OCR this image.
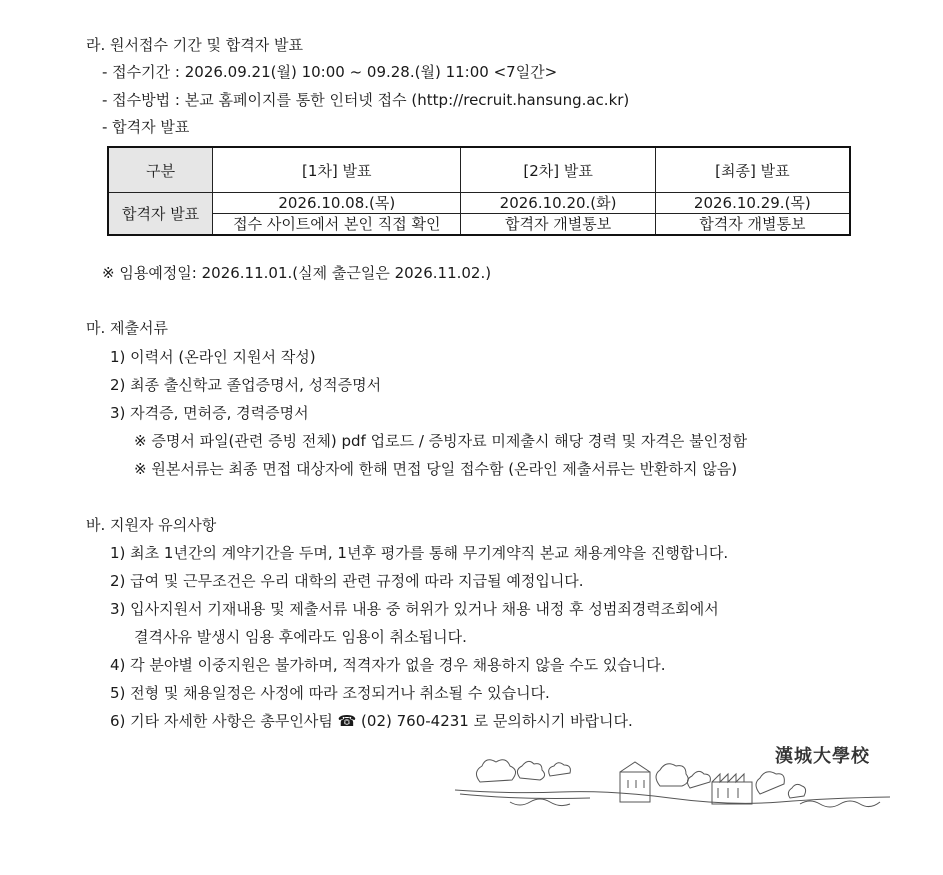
라. 원서접수 기간 및 합격자 발표
- 접수기간 : 2026.09.21(월) 10:00 ~ 09.28.(월) 11:00 <7일간>
- 접수방법 : 본교 홈페이지를 통한 인터넷 접수 (http://recruit.hansung.ac.kr)
- 합격자 발표
구분	[1차] 발표	[2차] 발표	[최종] 발표
합격자 발표	2026.10.08.(목)	2026.10.20.(화)	2026.10.29.(목)
	접수 사이트에서 본인 직접 확인	합격자 개별통보	합격자 개별통보
※ 임용예정일: 2026.11.01.(실제 출근일은 2026.11.02.)
마. 제출서류
1) 이력서 (온라인 지원서 작성)
2) 최종 출신학교 졸업증명서, 성적증명서
3) 자격증, 면허증, 경력증명서
※ 증명서 파일(관련 증빙 전체) pdf 업로드 / 증빙자료 미제출시 해당 경력 및 자격은 불인정함
※ 원본서류는 최종 면접 대상자에 한해 면접 당일 접수함 (온라인 제출서류는 반환하지 않음)
바. 지원자 유의사항
1) 최초 1년간의 계약기간을 두며, 1년후 평가를 통해 무기계약직 본교 채용계약을 진행합니다.
2) 급여 및 근무조건은 우리 대학의 관련 규정에 따라 지급될 예정입니다.
3) 입사지원서 기재내용 및 제출서류 내용 중 허위가 있거나 채용 내정 후 성범죄경력조회에서
결격사유 발생시 임용 후에라도 임용이 취소됩니다.
4) 각 분야별 이중지원은 불가하며, 적격자가 없을 경우 채용하지 않을 수도 있습니다.
5) 전형 및 채용일정은 사정에 따라 조정되거나 취소될 수 있습니다.
6) 기타 자세한 사항은 총무인사팀 ☎ (02) 760-4231 로 문의하시기 바랍니다.
漢城大學校
